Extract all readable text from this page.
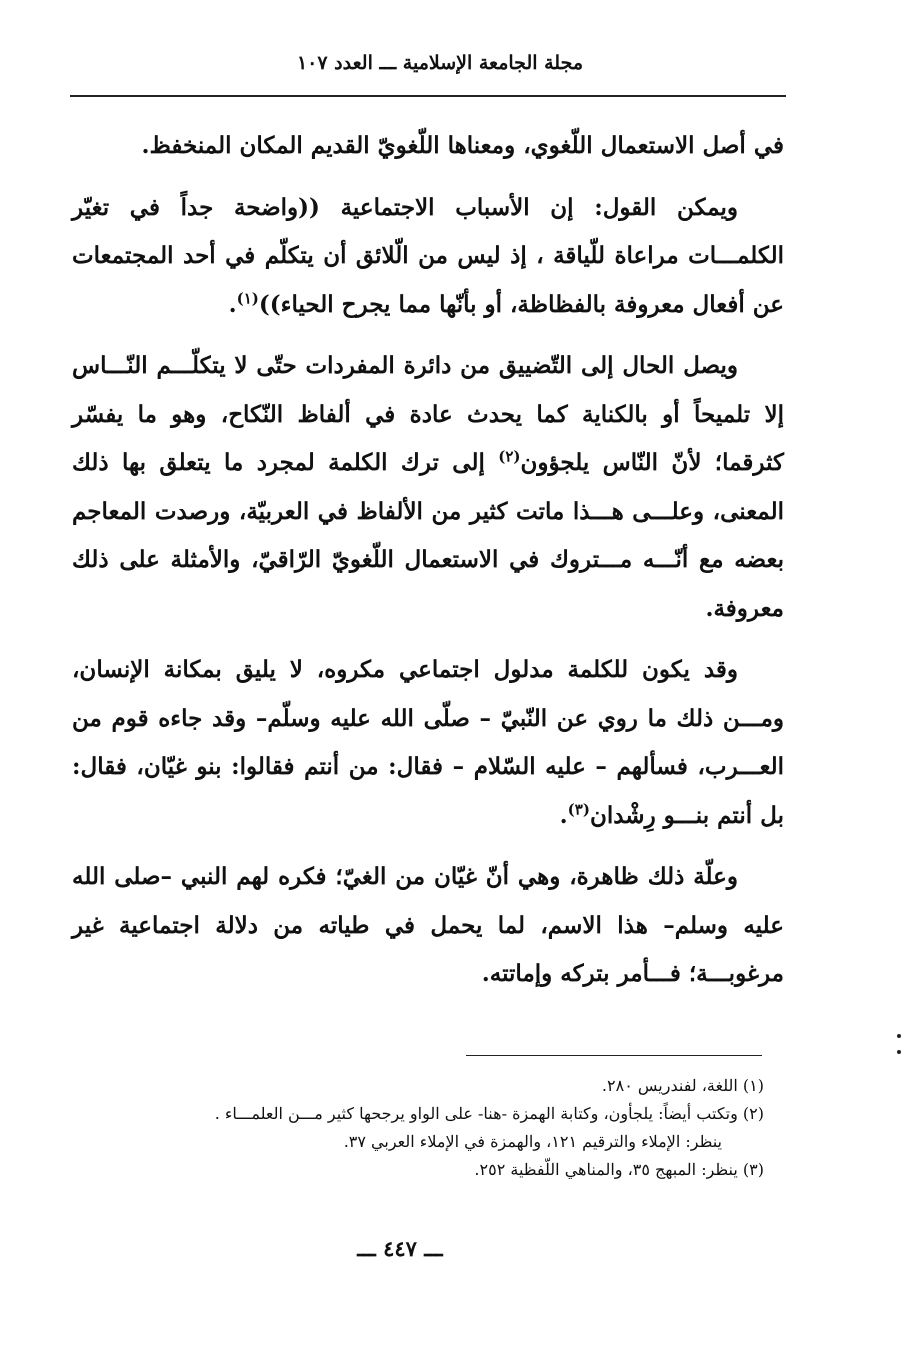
مجلة الجامعة الإسلامية ـــ العدد ١٠٧

في أصل الاستعمال اللّغوي، ومعناها اللّغويّ القديم المكان المنخفظ.

ويمكن القول: إن الأسباب الاجتماعية ((واضحة جداً في تغيّر الكلمـــات مراعاة للّياقة ، إذ ليس من الّلائق أن يتكلّم في أحد المجتمعات عن أفعال معروفة بالفظاظة، أو بأنّها مما يجرح الحياء))$^{(١)}$.

ويصل الحال إلى التّضييق من دائرة المفردات حتّى لا يتكلّـــم النّـــاس إلا تلميحاً أو بالكناية كما يحدث عادة في ألفاظ النّكاح، وهو ما يفسّر كثرقما؛ لأنّ النّاس يلجؤون$^{(٢)}$ إلى ترك الكلمة لمجرد ما يتعلق بها ذلك المعنى، وعلـــى هـــذا ماتت كثير من الألفاظ في العربيّة، ورصدت المعاجم بعضه مع أنّـــه مـــتروك في الاستعمال اللّغويّ الرّاقيّ، والأمثلة على ذلك معروفة.

وقد يكون للكلمة مدلول اجتماعي مكروه، لا يليق بمكانة الإنسان، ومـــن ذلك ما روي عن النّبيّ – صلّى الله عليه وسلّم– وقد جاءه قوم من العـــرب، فسألهم – عليه السّلام – فقال: من أنتم فقالوا: بنو غيّان، فقال: بل أنتم بنـــو رِشْدان$^{(٣)}$.

وعلّة ذلك ظاهرة، وهي أنّ غيّان من الغيّ؛ فكره لهم النبي –صلى الله عليه وسلم– هذا الاسم، لما يحمل في طياته من دلالة اجتماعية غير مرغوبـــة؛ فـــأمر بتركه وإماتته.

(١) اللغة، لفندريس ٢٨٠.

(٢) وتكتب أيضاً: يلجأون، وكتابة الهمزة -هنا- على الواو يرجحها كثير مـــن العلمـــاء .

ينظر: الإملاء والترقيم ١٢١، والهمزة في الإملاء العربي ٣٧.

(٣) ينظر: المبهج ٣٥، والمناهي اللّفظية ٢٥٢.

ـــ ٤٤٧ ـــ
